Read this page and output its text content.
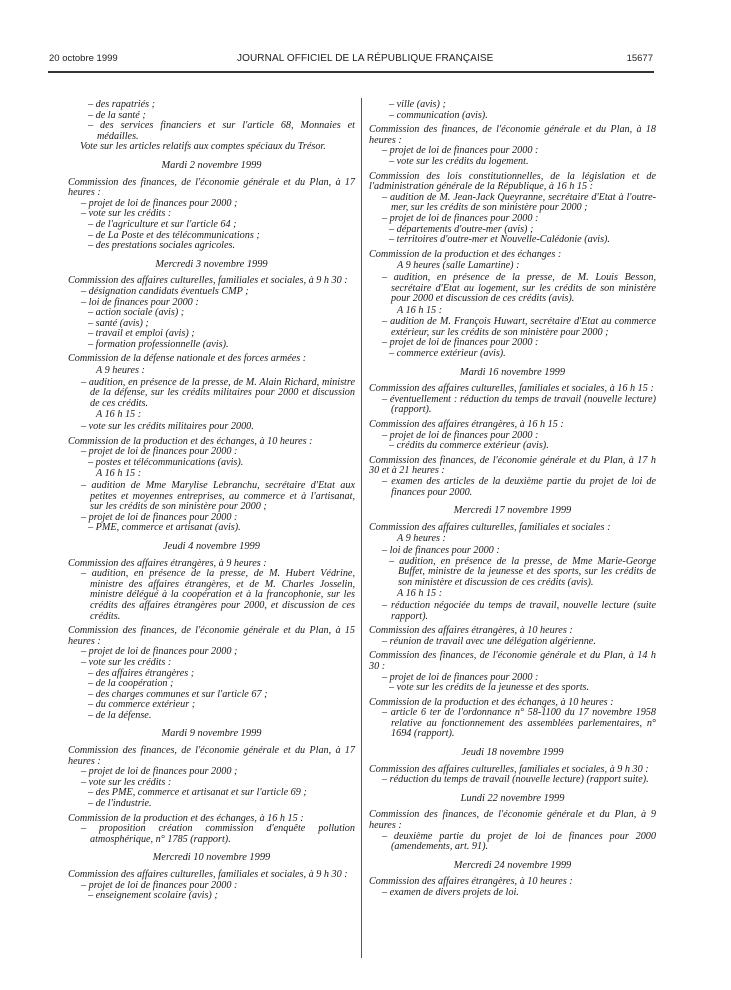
20 octobre 1999	JOURNAL OFFICIEL DE LA RÉPUBLIQUE FRANÇAISE	15677

– des rapatriés ;

– de la santé ;

– des services financiers et sur l'article 68, Monnaies et médailles.

Vote sur les articles relatifs aux comptes spéciaux du Trésor.

Mardi 2 novembre 1999

Commission des finances, de l'économie générale et du Plan, à 17 heures :

– projet de loi de finances pour 2000 ;

– vote sur les crédits :

– de l'agriculture et sur l'article 64 ;

– de La Poste et des télécommunications ;

– des prestations sociales agricoles.

Mercredi 3 novembre 1999

Commission des affaires culturelles, familiales et sociales, à 9 h 30 :

– désignation candidats éventuels CMP ;

– loi de finances pour 2000 :

– action sociale (avis) ;

– santé (avis) ;

– travail et emploi (avis) ;

– formation professionnelle (avis).

Commission de la défense nationale et des forces armées :

A 9 heures :

– audition, en présence de la presse, de M. Alain Richard, ministre de la défense, sur les crédits militaires pour 2000 et discussion de ces crédits.

A 16 h 15 :

– vote sur les crédits militaires pour 2000.

Commission de la production et des échanges, à 10 heures :

– projet de loi de finances pour 2000 :

– postes et télécommunications (avis).

A 16 h 15 :

– audition de Mme Marylise Lebranchu, secrétaire d'Etat aux petites et moyennes entreprises, au commerce et à l'artisanat, sur les crédits de son ministère pour 2000 ;

– projet de loi de finances pour 2000 :

– PME, commerce et artisanat (avis).

Jeudi 4 novembre 1999

Commission des affaires étrangères, à 9 heures :

– audition, en présence de la presse, de M. Hubert Védrine, ministre des affaires étrangères, et de M. Charles Josselin, ministre délégué à la coopération et à la francophonie, sur les crédits des affaires étrangères pour 2000, et discussion de ces crédits.

Commission des finances, de l'économie générale et du Plan, à 15 heures :

– projet de loi de finances pour 2000 ;

– vote sur les crédits :

– des affaires étrangères ;

– de la coopération ;

– des charges communes et sur l'article 67 ;

– du commerce extérieur ;

– de la défense.

Mardi 9 novembre 1999

Commission des finances, de l'économie générale et du Plan, à 17 heures :

– projet de loi de finances pour 2000 ;

– vote sur les crédits :

– des PME, commerce et artisanat et sur l'article 69 ;

– de l'industrie.

Commission de la production et des échanges, à 16 h 15 :

– proposition création commission d'enquête pollution atmosphérique, n° 1785 (rapport).

Mercredi 10 novembre 1999

Commission des affaires culturelles, familiales et sociales, à 9 h 30 :

– projet de loi de finances pour 2000 :

– enseignement scolaire (avis) ;

– ville (avis) ;

– communication (avis).

Commission des finances, de l'économie générale et du Plan, à 18 heures :

– projet de loi de finances pour 2000 :

– vote sur les crédits du logement.

Commission des lois constitutionnelles, de la législation et de l'administration générale de la République, à 16 h 15 :

– audition de M. Jean-Jack Queyranne, secrétaire d'Etat à l'outre-mer, sur les crédits de son ministère pour 2000 ;

– projet de loi de finances pour 2000 :

– départements d'outre-mer (avis) ;

– territoires d'outre-mer et Nouvelle-Calédonie (avis).

Commission de la production et des échanges :

A 9 heures (salle Lamartine) :

– audition, en présence de la presse, de M. Louis Besson, secrétaire d'Etat au logement, sur les crédits de son ministère pour 2000 et discussion de ces crédits (avis).

A 16 h 15 :

– audition de M. François Huwart, secrétaire d'Etat au commerce extérieur, sur les crédits de son ministère pour 2000 ;

– projet de loi de finances pour 2000 :

– commerce extérieur (avis).

Mardi 16 novembre 1999

Commission des affaires culturelles, familiales et sociales, à 16 h 15 :

– éventuellement : réduction du temps de travail (nouvelle lecture) (rapport).

Commission des affaires étrangères, à 16 h 15 :

– projet de loi de finances pour 2000 :

– crédits du commerce extérieur (avis).

Commission des finances, de l'économie générale et du Plan, à 17 h 30 et à 21 heures :

– examen des articles de la deuxième partie du projet de loi de finances pour 2000.

Mercredi 17 novembre 1999

Commission des affaires culturelles, familiales et sociales :

A 9 heures :

– loi de finances pour 2000 :

– audition, en présence de la presse, de Mme Marie-George Buffet, ministre de la jeunesse et des sports, sur les crédits de son ministère et discussion de ces crédits (avis).

A 16 h 15 :

– réduction négociée du temps de travail, nouvelle lecture (suite rapport).

Commission des affaires étrangères, à 10 heures :

– réunion de travail avec une délégation algérienne.

Commission des finances, de l'économie générale et du Plan, à 14 h 30 :

– projet de loi de finances pour 2000 :

– vote sur les crédits de la jeunesse et des sports.

Commission de la production et des échanges, à 10 heures :

– article 6 ter de l'ordonnance n° 58-1100 du 17 novembre 1958 relative au fonctionnement des assemblées parlementaires, n° 1694 (rapport).

Jeudi 18 novembre 1999

Commission des affaires culturelles, familiales et sociales, à 9 h 30 :

– réduction du temps de travail (nouvelle lecture) (rapport suite).

Lundi 22 novembre 1999

Commission des finances, de l'économie générale et du Plan, à 9 heures :

– deuxième partie du projet de loi de finances pour 2000 (amendements, art. 91).

Mercredi 24 novembre 1999

Commission des affaires étrangères, à 10 heures :

– examen de divers projets de loi.
